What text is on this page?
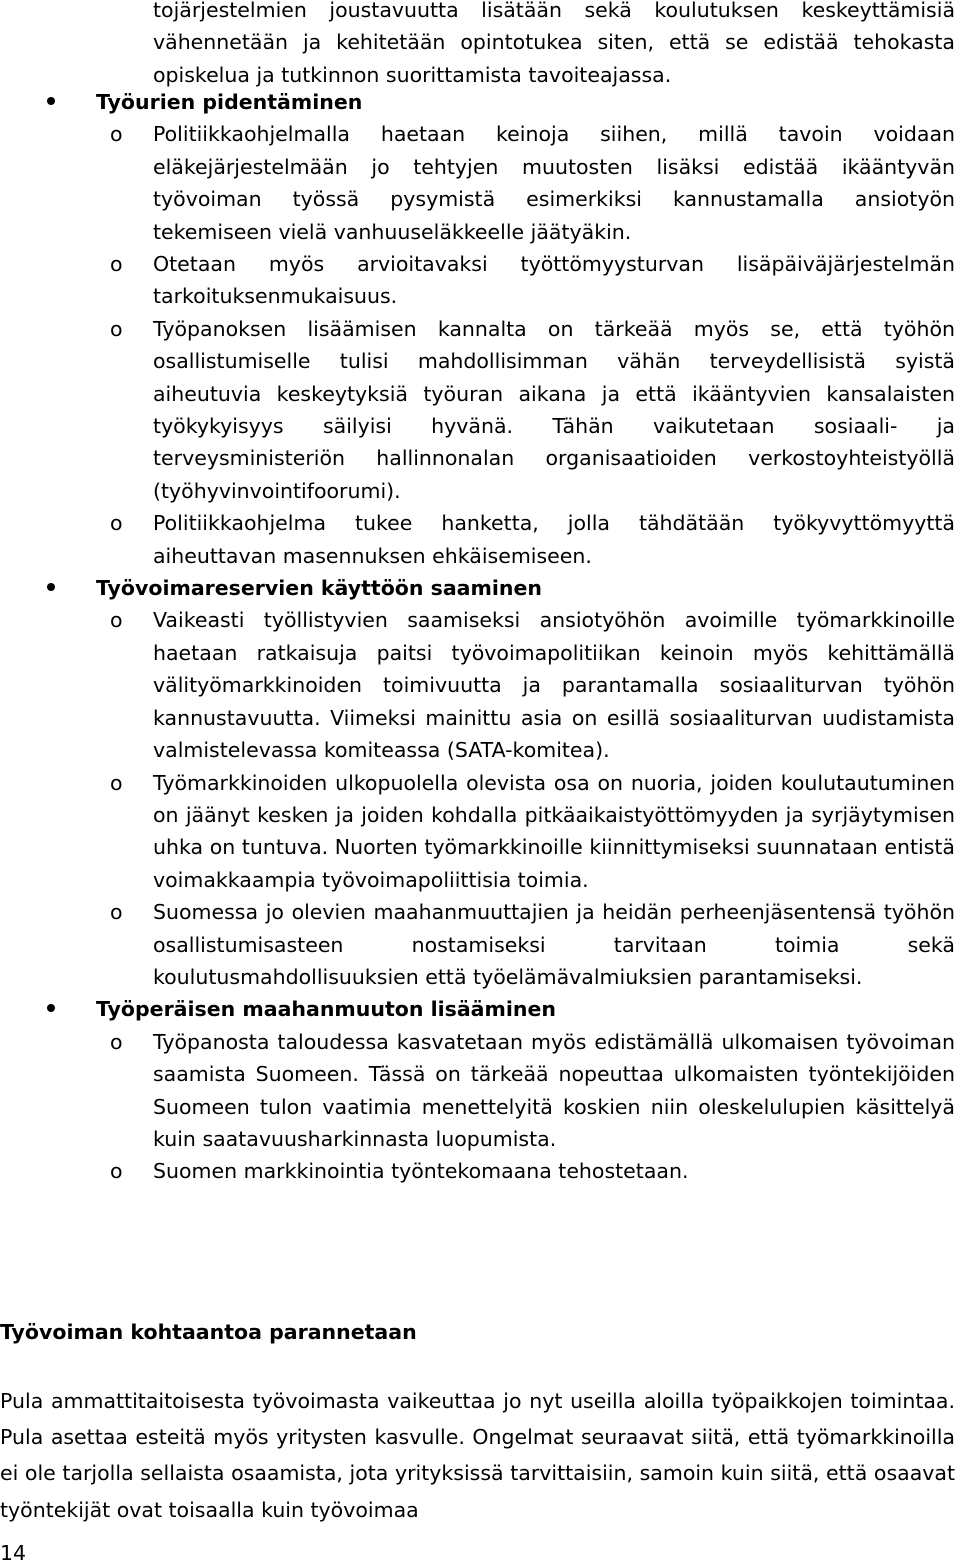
tojärjestelmien joustavuutta lisätään sekä koulutuksen keskeyttämisiä vähennetään ja kehitetään opintotukea siten, että se edistää tehokasta opiskelua ja tutkinnon suorittamista tavoiteajassa.

Työurien pidentäminen
o Politiikkaohjelmalla haetaan keinoja siihen, millä tavoin voidaan eläkejärjestelmään jo tehtyjen muutosten lisäksi edistää ikääntyvän työvoiman työssä pysymistä esimerkiksi kannustamalla ansiotyön tekemiseen vielä vanhuuseläkkeelle jäätyäkin.
o Otetaan myös arvioitavaksi työttömyysturvan lisäpäiväjärjestelmän tarkoituksenmukaisuus.
o Työpanoksen lisäämisen kannalta on tärkeää myös se, että työhön osallistumiselle tulisi mahdollisimman vähän terveydellisistä syistä aiheutuvia keskeytyksiä työuran aikana ja että ikääntyvien kansalaisten työkykyisyys säilyisi hyvänä. Tähän vaikutetaan sosiaali- ja terveysministeriön hallinnonalan organisaatioiden verkostoyhteistyöllä (työhyvinvointifoorumi).
o Politiikkaohjelma tukee hanketta, jolla tähdätään työkyvyttömyyttä aiheuttavan masennuksen ehkäisemiseen.
Työvoimareservien käyttöön saaminen
o Vaikeasti työllistyvien saamiseksi ansiotyöhön avoimille työmarkkinoille haetaan ratkaisuja paitsi työvoimapolitiikan keinoin myös kehittämällä välityömarkkinoiden toimivuutta ja parantamalla sosiaaliturvan työhön kannustavuutta. Viimeksi mainittu asia on esillä sosiaaliturvan uudistamista valmistelevassa komiteassa (SATA-komitea).
o Työmarkkinoiden ulkopuolella olevista osa on nuoria, joiden koulutautuminen on jäänyt kesken ja joiden kohdalla pitkäaikaistyöttömyyden ja syrjäytymisen uhka on tuntuva. Nuorten työmarkkinoille kiinnittymiseksi suunnataan entistä voimakkaampia työvoimapoliittisia toimia.
o Suomessa jo olevien maahanmuuttajien ja heidän perheenjäsentensä työhön osallistumisasteen nostamiseksi tarvitaan toimia sekä koulutusmahdollisuuksien että työelämävalmiuksien parantamiseksi.
Työperäisen maahanmuuton lisääminen
o Työpanosta taloudessa kasvatetaan myös edistämällä ulkomaisen työvoiman saamista Suomeen. Tässä on tärkeää nopeuttaa ulkomaisten työntekijöiden Suomeen tulon vaatimia menettelyitä koskien niin oleskelulupien käsittelyä kuin saatavuusharkinnasta luopumista.
o Suomen markkinointia työntekomaana tehostetaan.
Työvoiman kohtaantoa parannetaan

Pula ammattitaitoisesta työvoimasta vaikeuttaa jo nyt useilla aloilla työpaikkojen toimintaa. Pula asettaa esteitä myös yritysten kasvulle. Ongelmat seuraavat siitä, että työmarkkinoilla ei ole tarjolla sellaista osaamista, jota yrityksissä tarvittaisiin, samoin kuin siitä, että osaavat työntekijät ovat toisaalla kuin työvoimaa

14
